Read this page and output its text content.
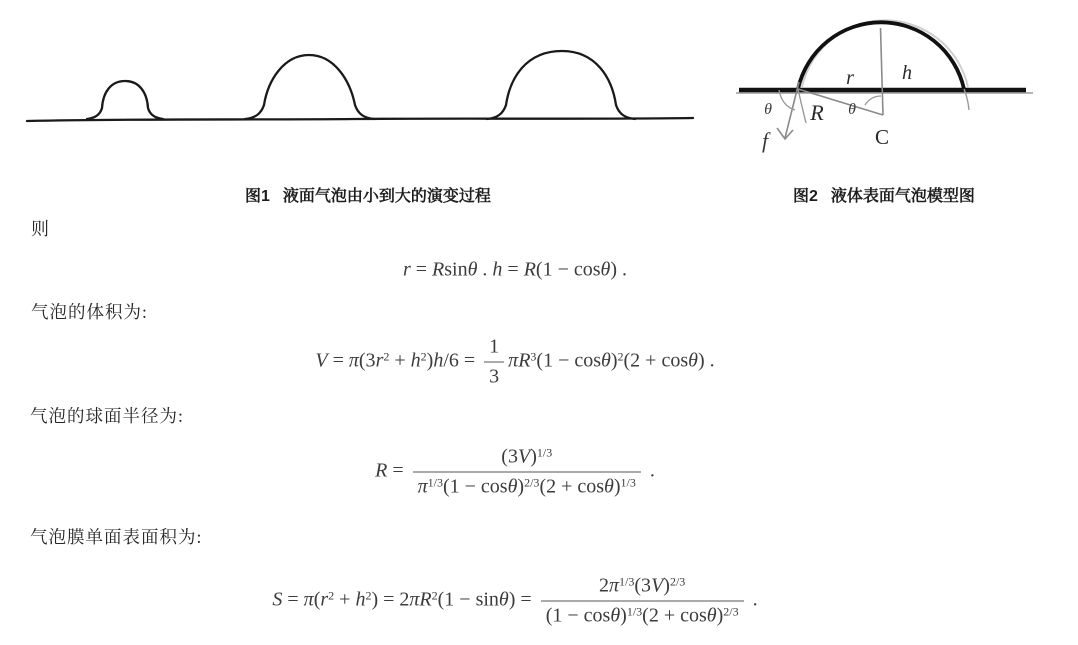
r h
θ R θ
C
f
图1 液面气泡由小到大的演变过程	图2 液体表面气泡模型图
则
气泡的体积为:
气泡的球面半径为:
气泡膜单面表面积为:
r = Rsinθ . h = R(1 − cosθ) .
$V = \pi(3r^2 + h^2)h/6 = \frac{1}{3} \pi R^3(1 - \cos\theta)^2(2 + \cos\theta)$ .
$R = \frac{(3V)^{1/3}}{\pi^{1/3}(1 - \cos\theta)^{2/3}(2 + \cos\theta)^{1/3}}$ .
$S = \pi(r^2 + h^2) = 2\pi R^2(1 - \sin\theta) = \frac{2\pi^{1/3}(3V)^{2/3}}{(1 - \cos\theta)^{1/3}(2 + \cos\theta)^{2/3}}$ .
